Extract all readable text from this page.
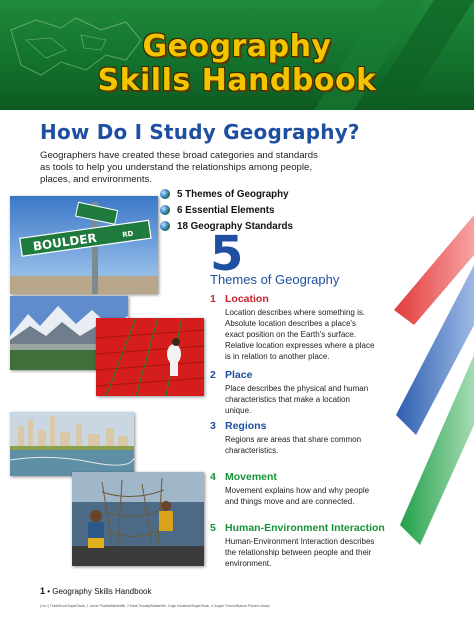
Geography
Skills Handbook
How Do I Study Geography?

Geographers have created these broad categories and standards as tools to help you understand the relationships among people, places, and environments.

5 Themes of Geography
6 Essential Elements
18 Geography Standards
BOULDER	RD 5
Themes of Geography
1 Location

Location describes where something is. Absolute location describes a place's exact position on the Earth's surface. Relative location expresses where a place is in relation to another place.

2 Place

Place describes the physical and human characteristics that make a location unique.

3 Regions

Regions are areas that share common characteristics.

4 Movement

Movement explains how and why people and things move and are connected.

5 Human-Environment Interaction

Human-Environment Interaction describes the relationship between people and their environment.

1 • Geography Skills Handbook
(l to r) ThinkStock/SuperStock, 1 Javier Pucilla/Masterfile, 2 Mark Tomalty/Masterfile, 3 age fotostock/SuperStock, 4 Jurgen Freund/Nature Picture Library
